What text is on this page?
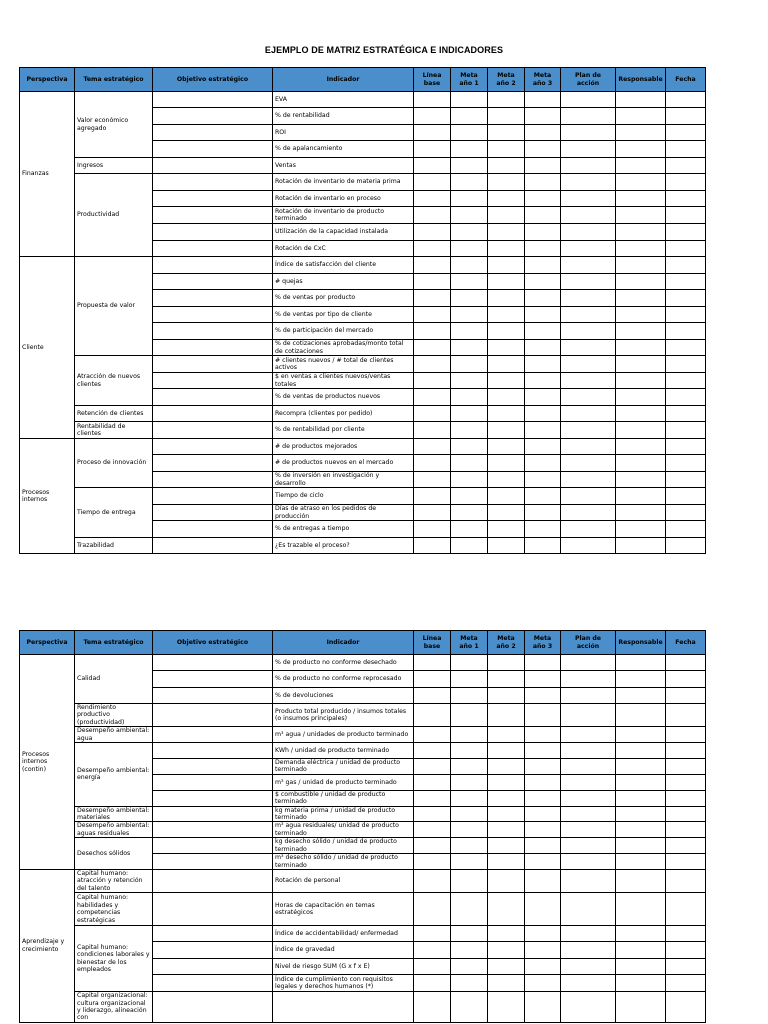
EJEMPLO DE MATRIZ ESTRATÉGICA E INDICADORES
Perspectiva	Tema estratégico	Objetivo estratégico	Indicador	Línea base	Meta año 1	Meta año 2	Meta año 3	Plan de acción	Responsable	Fecha
Finanzas	Valor económico agregado		EVA							
			% de rentabilidad							
			ROI							
			% de apalancamiento							
	Ingresos		Ventas							
	Productividad		Rotación de inventario de materia prima							
			Rotación de inventario en proceso							
			Rotación de inventario de producto terminado							
			Utilización de la capacidad instalada							
			Rotación de CxC							
Cliente	Propuesta de valor		Índice de satisfacción del cliente							
			# quejas							
			% de ventas por producto							
			% de ventas por tipo de cliente							
			% de participación del mercado							
			% de cotizaciones aprobadas/monto total de cotizaciones							
	Atracción de nuevos clientes		# clientes nuevos / # total de clientes activos							
			$ en ventas a clientes nuevos/ventas totales							
			% de ventas de productos nuevos							
	Retención de clientes		Recompra (clientes por pedido)							
	Rentabilidad de clientes		% de rentabilidad por cliente							
Procesos internos	Proceso de innovación		# de productos mejorados							
			# de productos nuevos en el mercado							
			% de inversión en investigación y desarrollo							
	Tiempo de entrega		Tiempo de ciclo							
			Días de atraso en los pedidos de producción							
			% de entregas a tiempo							
	Trazabilidad		¿Es trazable el proceso?							
Perspectiva	Tema estratégico	Objetivo estratégico	Indicador	Línea base	Meta año 1	Meta año 2	Meta año 3	Plan de acción	Responsable	Fecha
Procesos internos (contin)	Calidad		% de producto no conforme desechado							
			% de producto no conforme reprocesado							
			% de devoluciones							
	Rendimiento productivo (productividad)		Producto total producido / insumos totales (o insumos principales)							
	Desempeño ambiental: agua		m³ agua / unidades de producto terminado							
	Desempeño ambiental: energía		KWh / unidad de producto terminado							
			Demanda eléctrica / unidad de producto terminado							
			m³ gas / unidad de producto terminado							
			$ combustible / unidad de producto terminado							
	Desempeño ambiental: materiales		kg materia prima / unidad de producto terminado							
	Desempeño ambiental: aguas residuales		m³ agua residuales/ unidad de producto terminado							
	Desechos sólidos		kg desecho sólido / unidad de producto terminado							
			m³ desecho sólido / unidad de producto terminado							
Aprendizaje y crecimiento	Capital humano: atracción y retención del talento		Rotación de personal							
	Capital humano: habilidades y competencias estratégicas		Horas de capacitación en temas estratégicos							
	Capital humano: condiciones laborales y bienestar de los empleados		Índice de accidentabilidad/ enfermedad							
			Índice de gravedad							
			Nivel de riesgo SUM (G x f x E)							
			Índice de cumplimiento con requisitos legales y derechos humanos (*)							
	Capital organizacional: cultura organizacional y liderazgo, alineación con									
